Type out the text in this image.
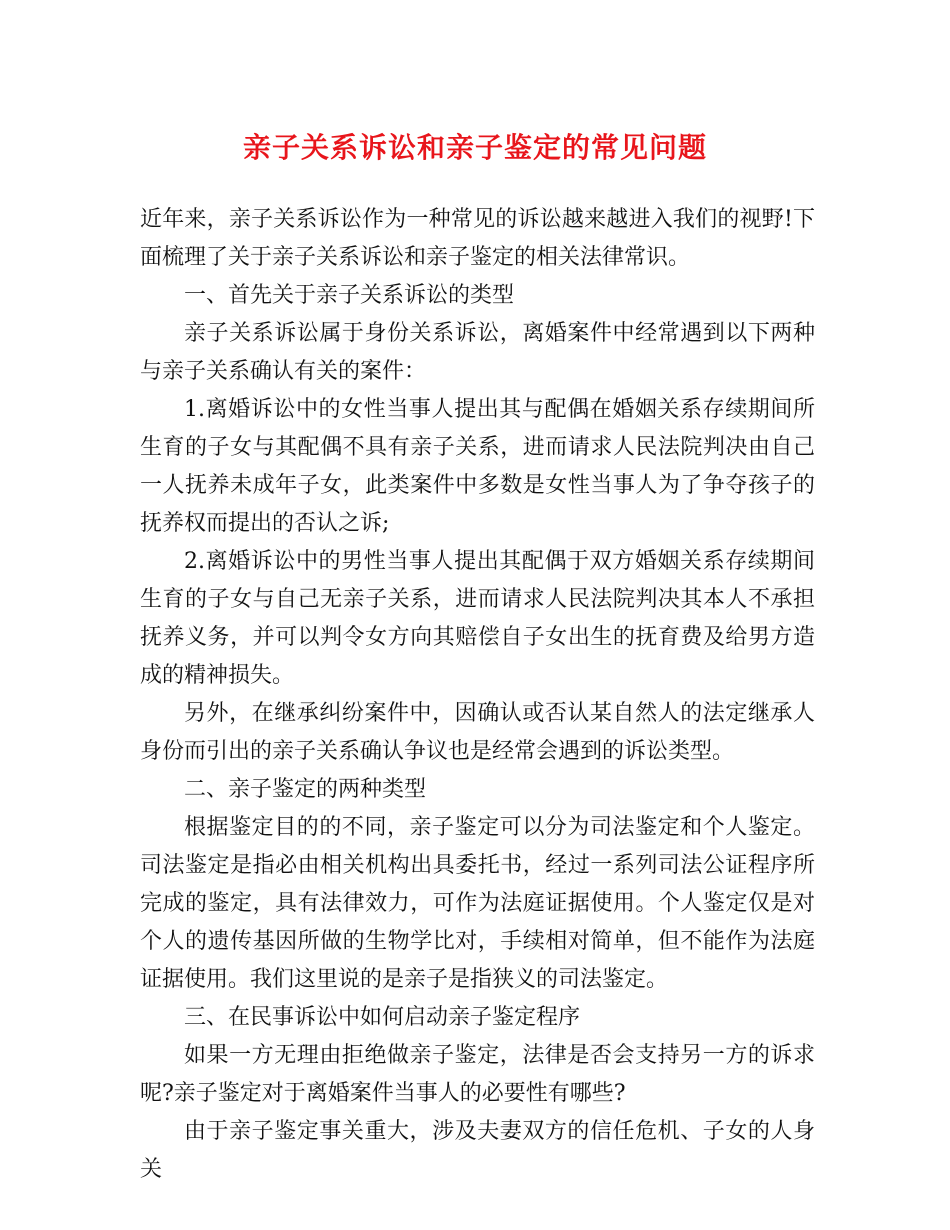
亲子关系诉讼和亲子鉴定的常见问题

近年来，亲子关系诉讼作为一种常见的诉讼越来越进入我们的视野!下面梳理了关于亲子关系诉讼和亲子鉴定的相关法律常识。

一、首先关于亲子关系诉讼的类型

亲子关系诉讼属于身份关系诉讼，离婚案件中经常遇到以下两种与亲子关系确认有关的案件：

1.离婚诉讼中的女性当事人提出其与配偶在婚姻关系存续期间所生育的子女与其配偶不具有亲子关系，进而请求人民法院判决由自己一人抚养未成年子女，此类案件中多数是女性当事人为了争夺孩子的抚养权而提出的否认之诉;

2.离婚诉讼中的男性当事人提出其配偶于双方婚姻关系存续期间生育的子女与自己无亲子关系，进而请求人民法院判决其本人不承担抚养义务，并可以判令女方向其赔偿自子女出生的抚育费及给男方造成的精神损失。

另外，在继承纠纷案件中，因确认或否认某自然人的法定继承人身份而引出的亲子关系确认争议也是经常会遇到的诉讼类型。

二、亲子鉴定的两种类型

根据鉴定目的的不同，亲子鉴定可以分为司法鉴定和个人鉴定。司法鉴定是指必由相关机构出具委托书，经过一系列司法公证程序所完成的鉴定，具有法律效力，可作为法庭证据使用。个人鉴定仅是对个人的遗传基因所做的生物学比对，手续相对简单，但不能作为法庭证据使用。我们这里说的是亲子是指狭义的司法鉴定。

三、在民事诉讼中如何启动亲子鉴定程序

如果一方无理由拒绝做亲子鉴定，法律是否会支持另一方的诉求呢?亲子鉴定对于离婚案件当事人的必要性有哪些?

由于亲子鉴定事关重大，涉及夫妻双方的信任危机、子女的人身关
